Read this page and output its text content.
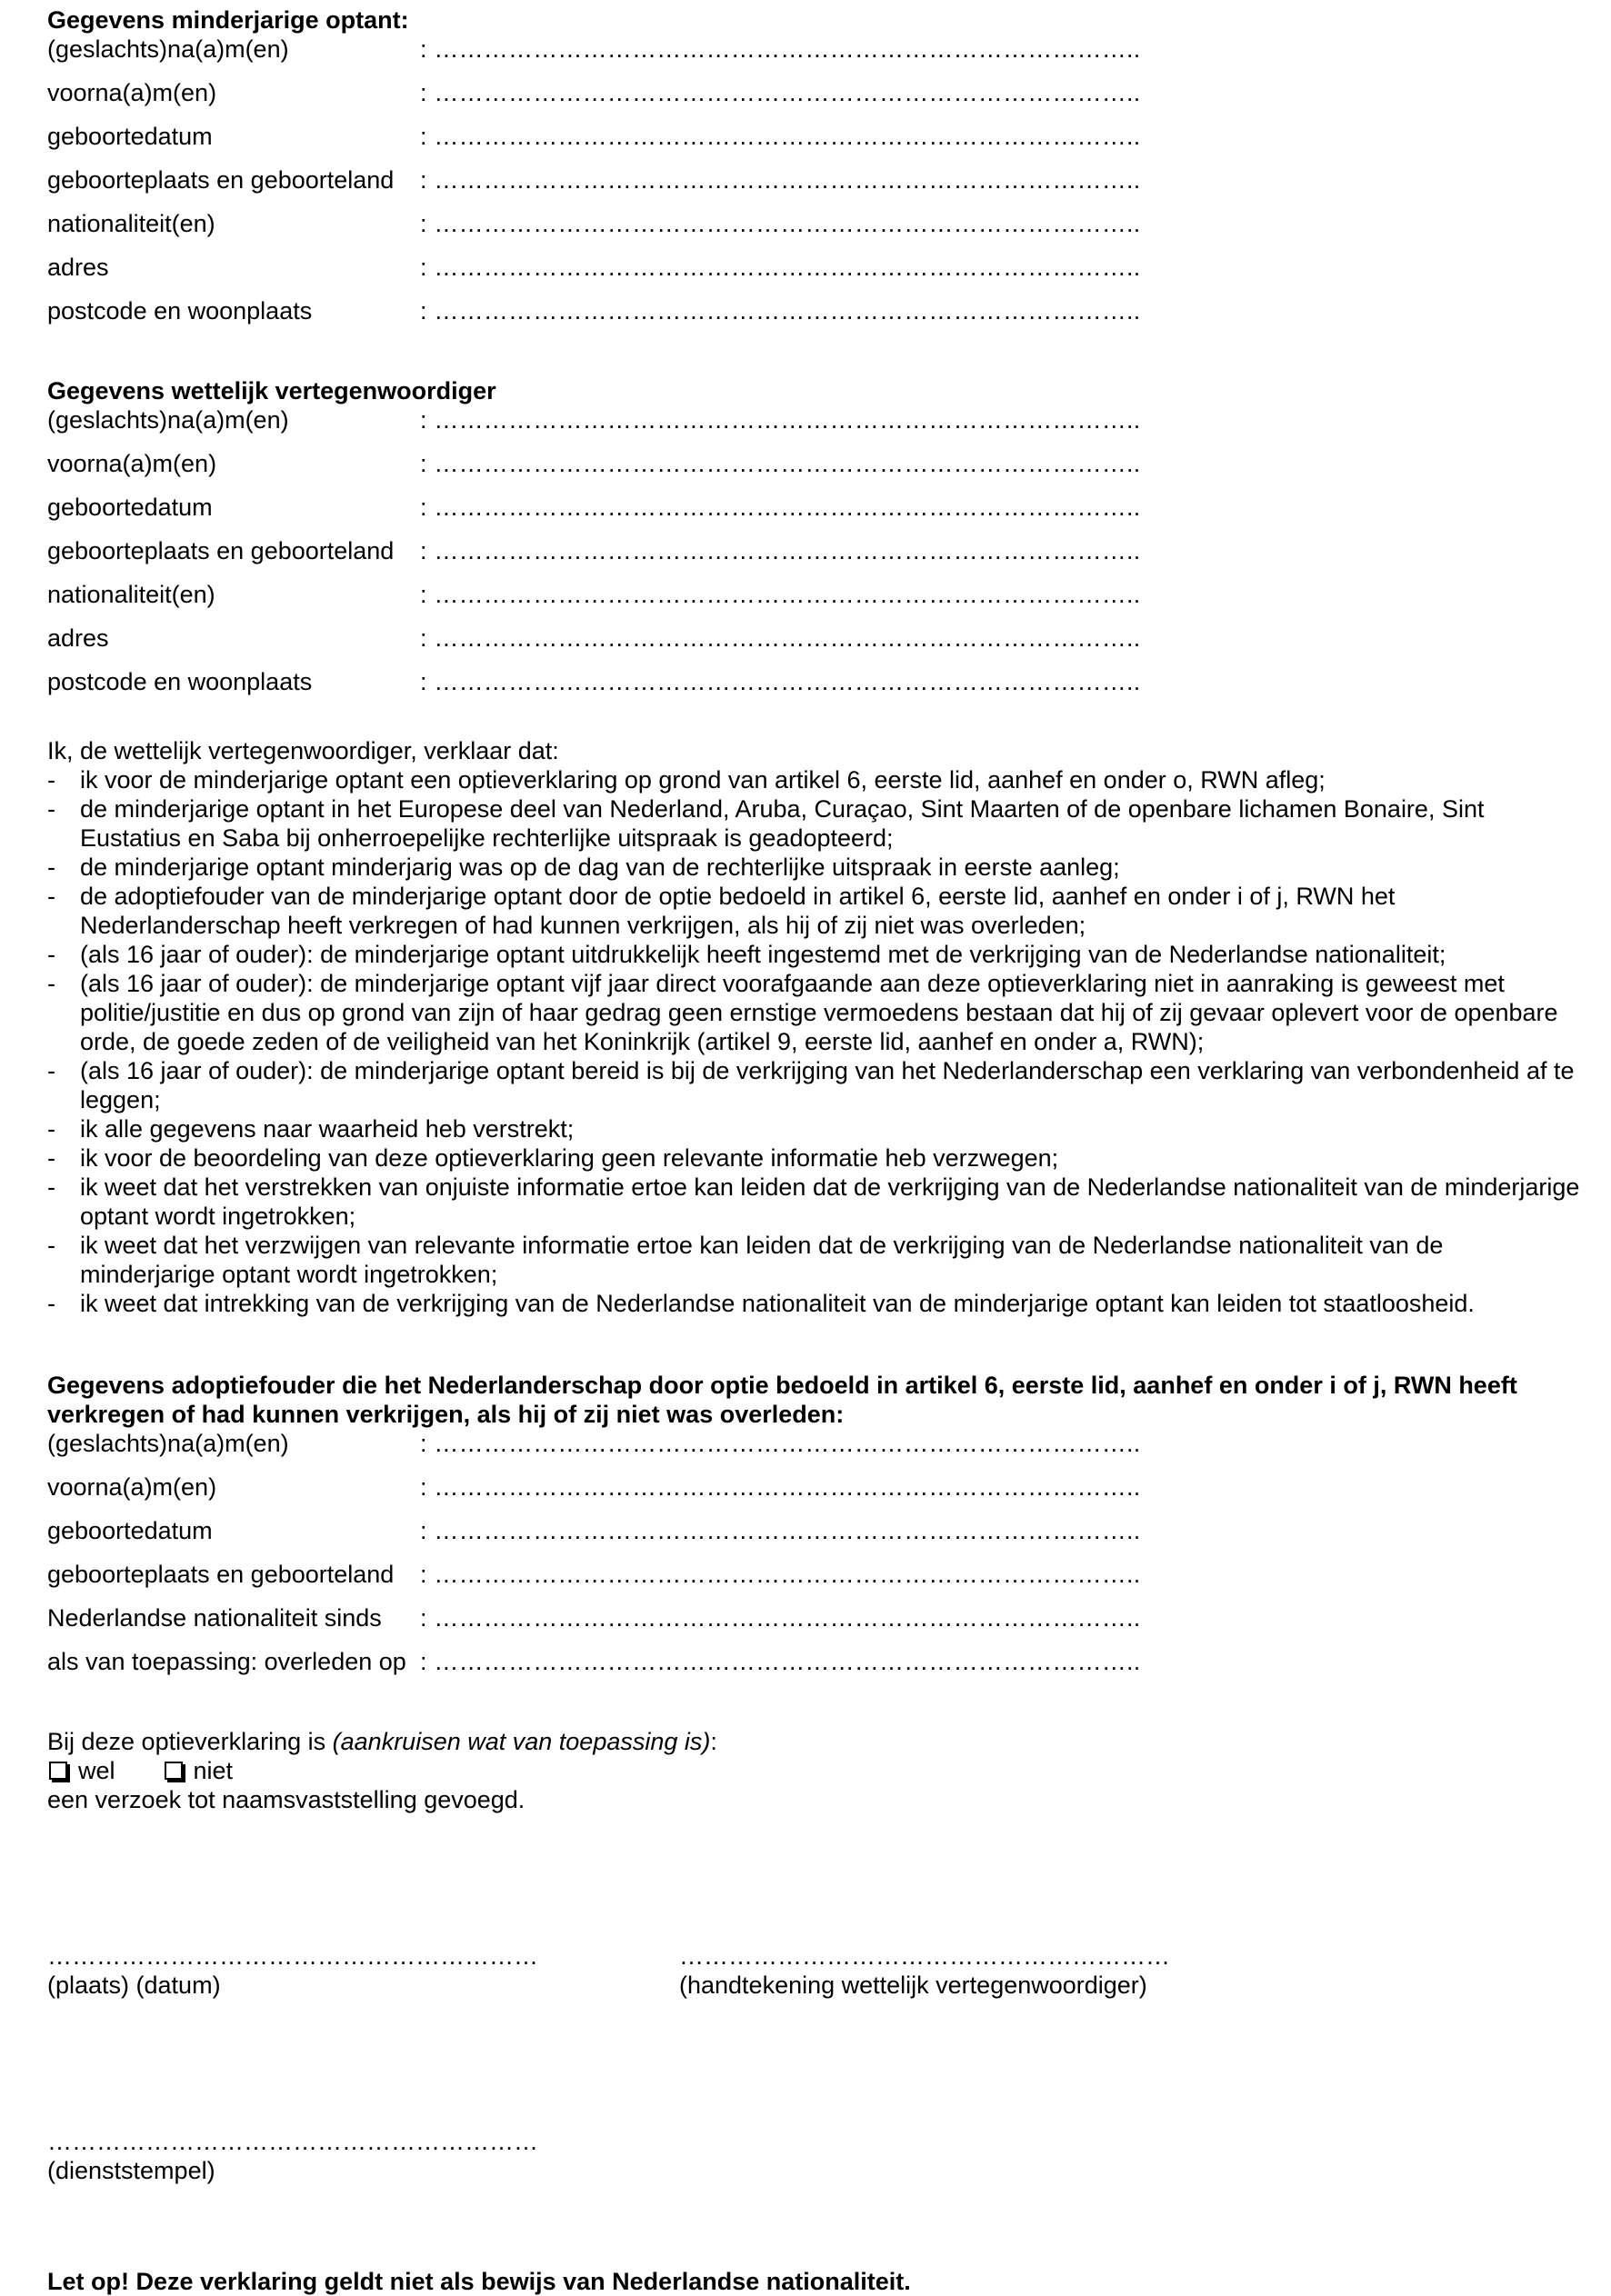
Gegevens minderjarige optant:

(geslachts)na(a)m(en)	: …………………………………………………………………………..
voorna(a)m(en)	: …………………………………………………………………………..
geboortedatum	: …………………………………………………………………………..
geboorteplaats en geboorteland	: …………………………………………………………………………..
nationaliteit(en)	: …………………………………………………………………………..
adres	: …………………………………………………………………………..
postcode en woonplaats	: …………………………………………………………………………..

Gegevens wettelijk vertegenwoordiger

(geslachts)na(a)m(en)	: …………………………………………………………………………..
voorna(a)m(en)	: …………………………………………………………………………..
geboortedatum	: …………………………………………………………………………..
geboorteplaats en geboorteland	: …………………………………………………………………………..
nationaliteit(en)	: …………………………………………………………………………..
adres	: …………………………………………………………………………..
postcode en woonplaats	: …………………………………………………………………………..

Ik, de wettelijk vertegenwoordiger, verklaar dat:

- ik voor de minderjarige optant een optieverklaring op grond van artikel 6, eerste lid, aanhef en onder o, RWN afleg;
- de minderjarige optant in het Europese deel van Nederland, Aruba, Curaçao, Sint Maarten of de openbare lichamen Bonaire, Sint Eustatius en Saba bij onherroepelijke rechterlijke uitspraak is geadopteerd;
- de minderjarige optant minderjarig was op de dag van de rechterlijke uitspraak in eerste aanleg;
- de adoptiefouder van de minderjarige optant door de optie bedoeld in artikel 6, eerste lid, aanhef en onder i of j, RWN het Nederlanderschap heeft verkregen of had kunnen verkrijgen, als hij of zij niet was overleden;
- (als 16 jaar of ouder): de minderjarige optant uitdrukkelijk heeft ingestemd met de verkrijging van de Nederlandse nationaliteit;
- (als 16 jaar of ouder): de minderjarige optant vijf jaar direct voorafgaande aan deze optieverklaring niet in aanraking is geweest met politie/justitie en dus op grond van zijn of haar gedrag geen ernstige vermoedens bestaan dat hij of zij gevaar oplevert voor de openbare orde, de goede zeden of de veiligheid van het Koninkrijk (artikel 9, eerste lid, aanhef en onder a, RWN);
- (als 16 jaar of ouder): de minderjarige optant bereid is bij de verkrijging van het Nederlanderschap een verklaring van verbondenheid af te leggen;
- ik alle gegevens naar waarheid heb verstrekt;
- ik voor de beoordeling van deze optieverklaring geen relevante informatie heb verzwegen;
- ik weet dat het verstrekken van onjuiste informatie ertoe kan leiden dat de verkrijging van de Nederlandse nationaliteit van de minderjarige optant wordt ingetrokken;
- ik weet dat het verzwijgen van relevante informatie ertoe kan leiden dat de verkrijging van de Nederlandse nationaliteit van de minderjarige optant wordt ingetrokken;
- ik weet dat intrekking van de verkrijging van de Nederlandse nationaliteit van de minderjarige optant kan leiden tot staatloosheid.

Gegevens adoptiefouder die het Nederlanderschap door optie bedoeld in artikel 6, eerste lid, aanhef en onder i of j, RWN heeft verkregen of had kunnen verkrijgen, als hij of zij niet was overleden:

(geslachts)na(a)m(en)	: …………………………………………………………………………..
voorna(a)m(en)	: …………………………………………………………………………..
geboortedatum	: …………………………………………………………………………..
geboorteplaats en geboorteland	: …………………………………………………………………………..
Nederlandse nationaliteit sinds	: …………………………………………………………………………..
als van toepassing: overleden op : …………………………………………………………………………..

Bij deze optieverklaring is (aankruisen wat van toepassing is):

wel	niet

een verzoek tot naamsvaststelling gevoegd.

……………………………………………………
(plaats) (datum)
……………………………………………………
(handtekening wettelijk vertegenwoordiger)
……………………………………………………
(dienststempel)

Let op! Deze verklaring geldt niet als bewijs van Nederlandse nationaliteit.
